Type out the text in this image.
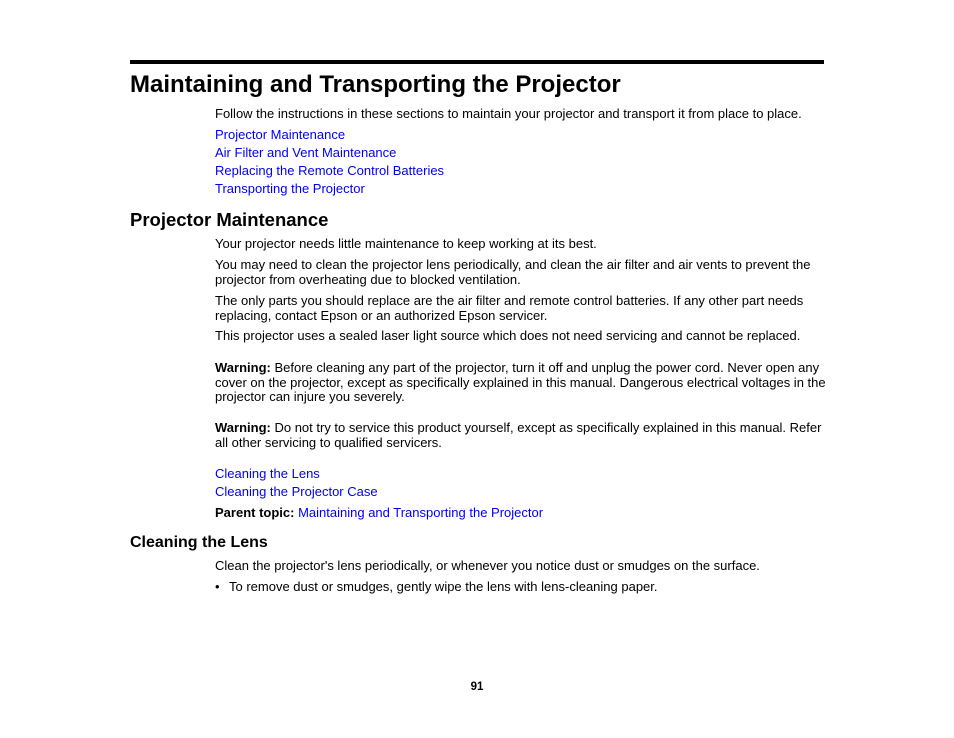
Maintaining and Transporting the Projector

Follow the instructions in these sections to maintain your projector and transport it from place to place.

Projector Maintenance

Air Filter and Vent Maintenance

Replacing the Remote Control Batteries

Transporting the Projector

Projector Maintenance

Your projector needs little maintenance to keep working at its best.

You may need to clean the projector lens periodically, and clean the air filter and air vents to prevent the projector from overheating due to blocked ventilation.

The only parts you should replace are the air filter and remote control batteries. If any other part needs replacing, contact Epson or an authorized Epson servicer.

This projector uses a sealed laser light source which does not need servicing and cannot be replaced.

Warning: Before cleaning any part of the projector, turn it off and unplug the power cord. Never open any cover on the projector, except as specifically explained in this manual. Dangerous electrical voltages in the projector can injure you severely.

Warning: Do not try to service this product yourself, except as specifically explained in this manual. Refer all other servicing to qualified servicers.

Cleaning the Lens

Cleaning the Projector Case

Parent topic: Maintaining and Transporting the Projector

Cleaning the Lens

Clean the projector's lens periodically, or whenever you notice dust or smudges on the surface.

• To remove dust or smudges, gently wipe the lens with lens-cleaning paper.
91
